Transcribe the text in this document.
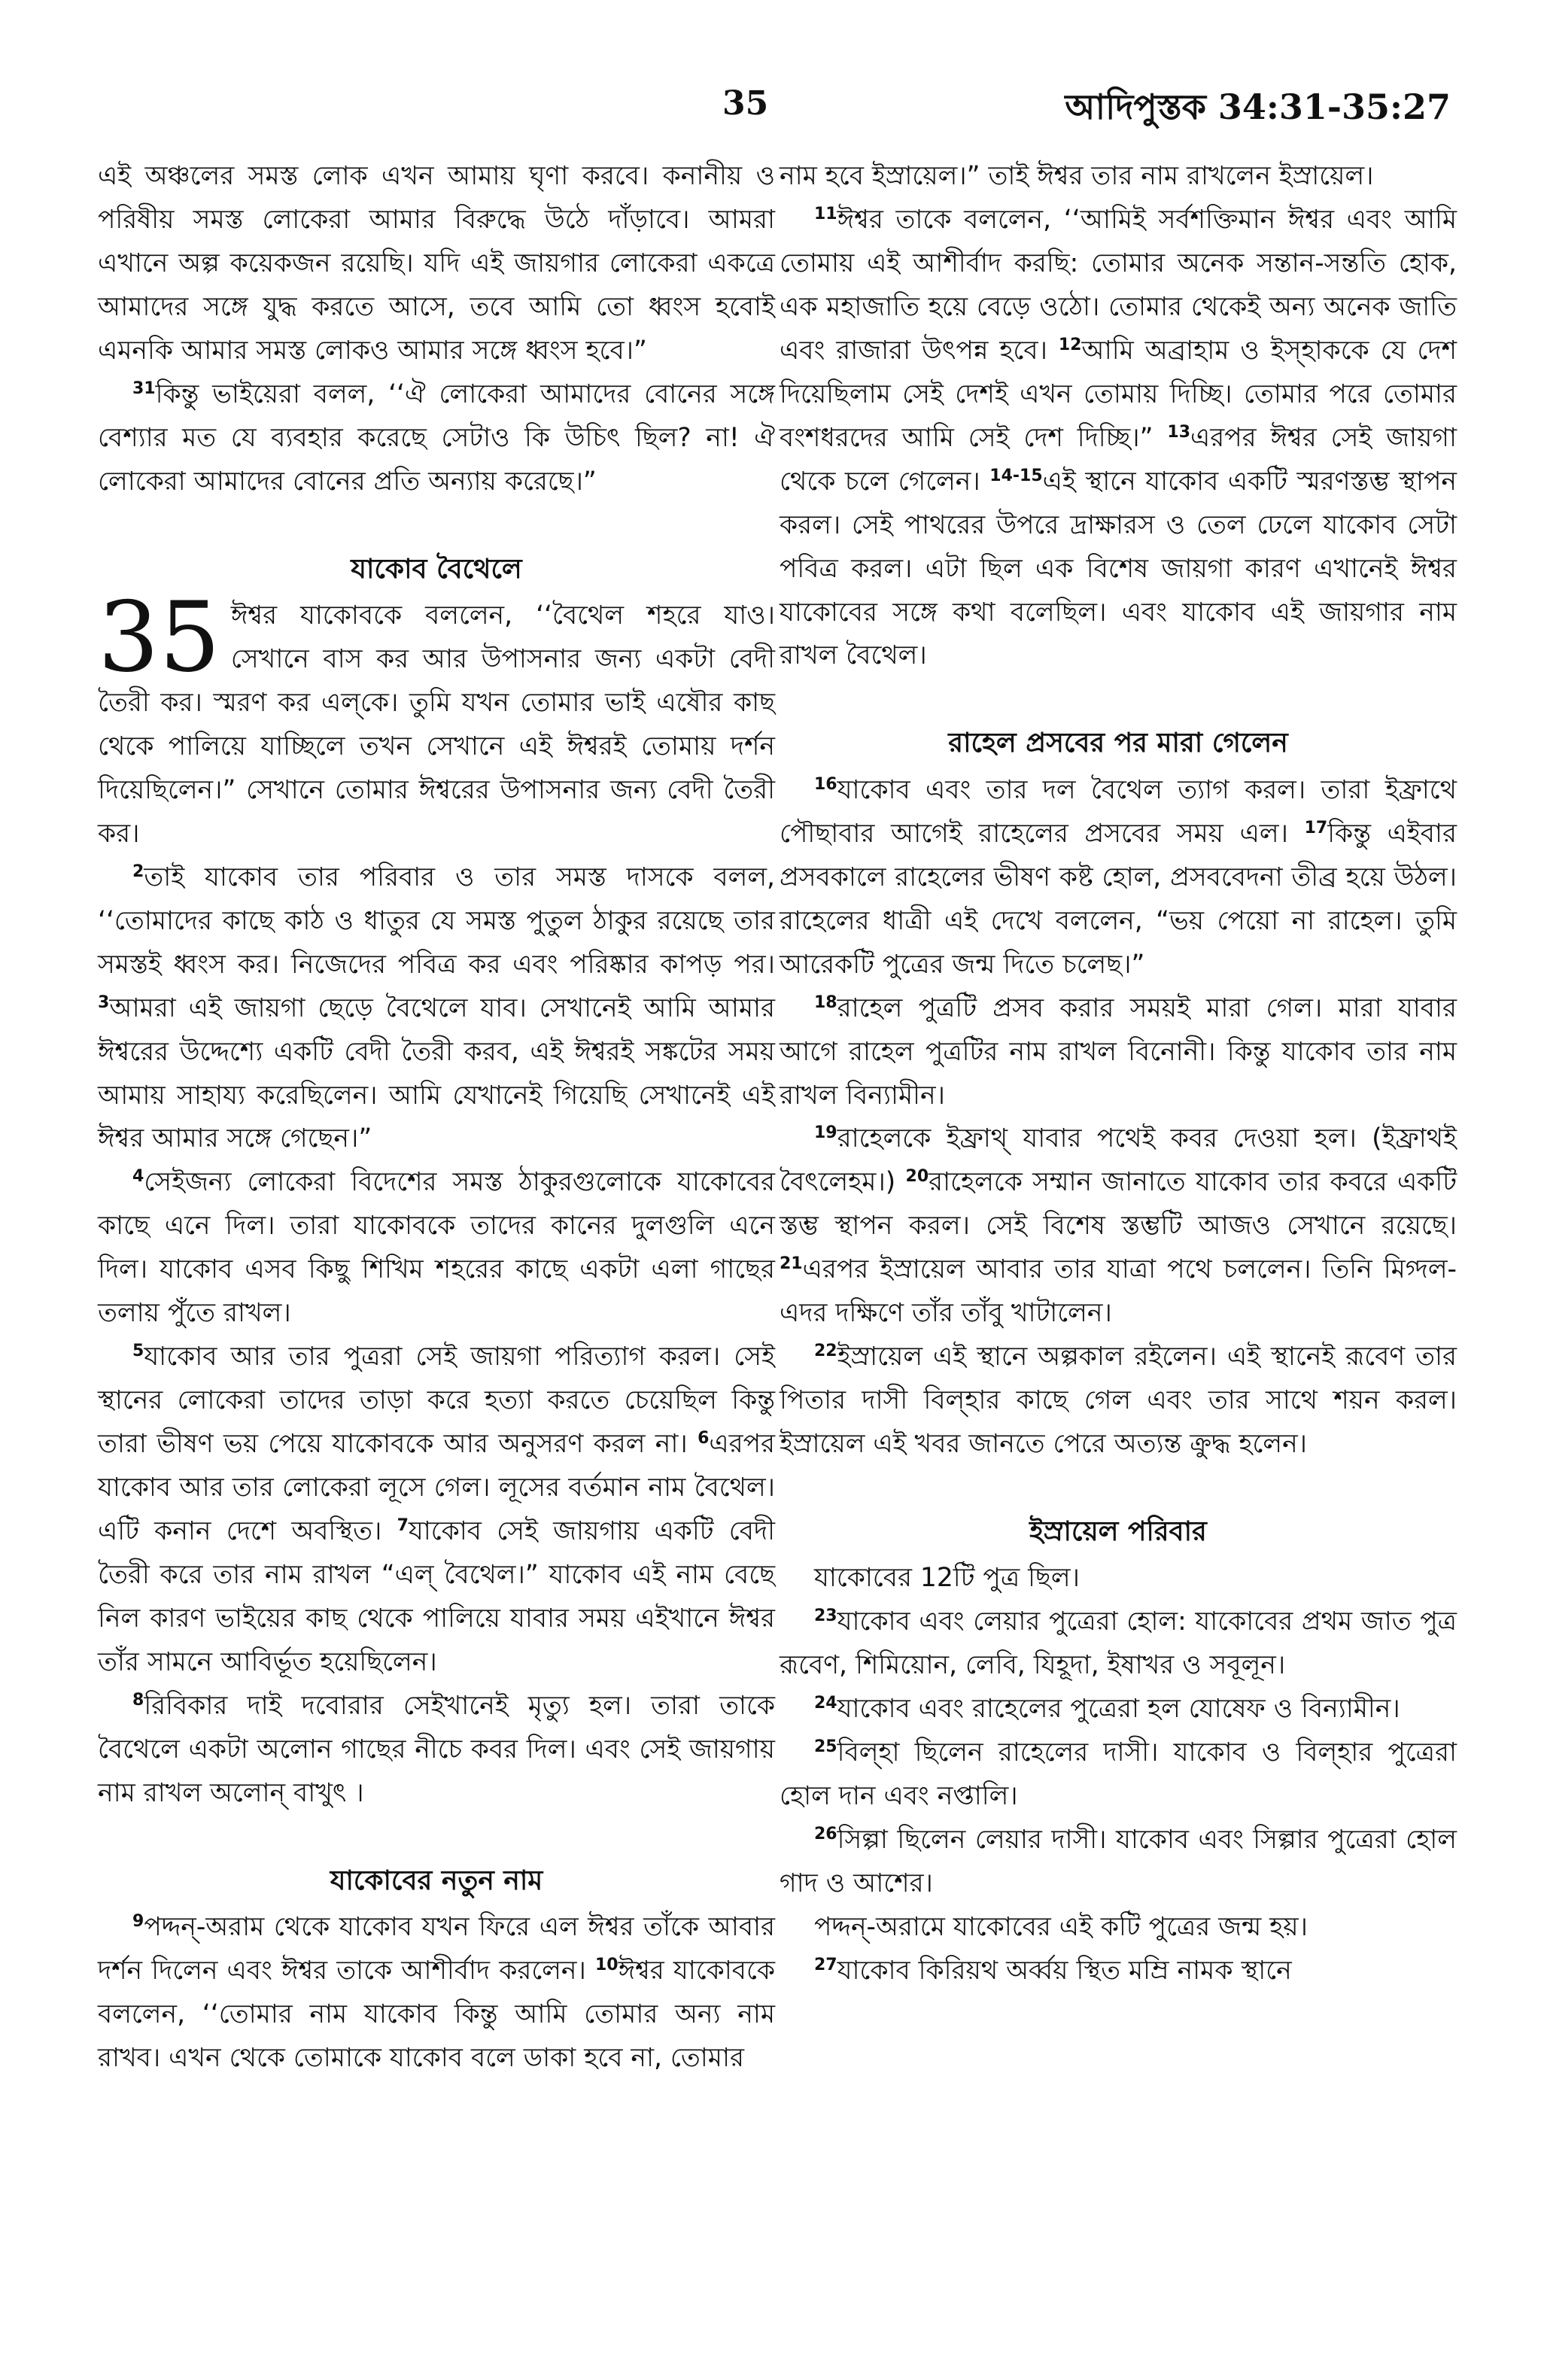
35	আদিপুস্তক 34:31-35:27

এই অঞ্চলের সমস্ত লোক এখন আমায় ঘৃণা করবে। কনানীয় ও পরিষীয় সমস্ত লোকেরা আমার বিরুদ্ধে উঠে দাঁড়াবে। আমরা এখানে অল্প কয়েকজন রয়েছি। যদি এই জায়গার লোকেরা একত্রে আমাদের সঙ্গে যুদ্ধ করতে আসে, তবে আমি তো ধ্বংস হবোই এমনকি আমার সমস্ত লোকও আমার সঙ্গে ধ্বংস হবে।”

$^{31}$কিন্তু ভাইয়েরা বলল, ‘‘ঐ লোকেরা আমাদের বোনের সঙ্গে বেশ্যার মত যে ব্যবহার করেছে সেটাও কি উচিৎ ছিল? না! ঐ লোকেরা আমাদের বোনের প্রতি অন্যায় করেছে।”

যাকোব বৈথেলে

35 ঈশ্বর যাকোবকে বললেন, ‘‘বৈথেল শহরে যাও। সেখানে বাস কর আর উপাসনার জন্য একটা বেদী তৈরী কর। স্মরণ কর এল্‌কে। তুমি যখন তোমার ভাই এষৌর কাছ থেকে পালিয়ে যাচ্ছিলে তখন সেখানে এই ঈশ্বরই তোমায় দর্শন দিয়েছিলেন।” সেখানে তোমার ঈশ্বরের উপাসনার জন্য বেদী তৈরী কর।

$^2$তাই যাকোব তার পরিবার ও তার সমস্ত দাসকে বলল, ‘‘তোমাদের কাছে কাঠ ও ধাতুর যে সমস্ত পুতুল ঠাকুর রয়েছে তার সমস্তই ধ্বংস কর। নিজেদের পবিত্র কর এবং পরিষ্কার কাপড় পর। $^3$আমরা এই জায়গা ছেড়ে বৈথেলে যাব। সেখানেই আমি আমার ঈশ্বরের উদ্দেশ্যে একটি বেদী তৈরী করব, এই ঈশ্বরই সঙ্কটের সময় আমায় সাহায্য করেছিলেন। আমি যেখানেই গিয়েছি সেখানেই এই ঈশ্বর আমার সঙ্গে গেছেন।”

$^4$সেইজন্য লোকেরা বিদেশের সমস্ত ঠাকুরগুলোকে যাকোবের কাছে এনে দিল। তারা যাকোবকে তাদের কানের দুলগুলি এনে দিল। যাকোব এসব কিছু শিখিম শহরের কাছে একটা এলা গাছের তলায় পুঁতে রাখল।

$^5$যাকোব আর তার পুত্ররা সেই জায়গা পরিত্যাগ করল। সেই স্থানের লোকেরা তাদের তাড়া করে হত্যা করতে চেয়েছিল কিন্তু তারা ভীষণ ভয় পেয়ে যাকোবকে আর অনুসরণ করল না। $^6$এরপর যাকোব আর তার লোকেরা লূসে গেল। লূসের বর্তমান নাম বৈথেল। এটি কনান দেশে অবস্থিত। $^7$যাকোব সেই জায়গায় একটি বেদী তৈরী করে তার নাম রাখল “এল্ বৈথেল।” যাকোব এই নাম বেছে নিল কারণ ভাইয়ের কাছ থেকে পালিয়ে যাবার সময় এইখানে ঈশ্বর তাঁর সামনে আবির্ভূত হয়েছিলেন।

$^8$রিবিকার দাই দবোরার সেইখানেই মৃত্যু হল। তারা তাকে বৈথেলে একটা অলোন গাছের নীচে কবর দিল। এবং সেই জায়গায় নাম রাখল অলোন্ বাখুৎ ।

যাকোবের নতুন নাম

$^9$পদ্দন্-অরাম থেকে যাকোব যখন ফিরে এল ঈশ্বর তাঁকে আবার দর্শন দিলেন এবং ঈশ্বর তাকে আশীর্বাদ করলেন। $^{10}$ঈশ্বর যাকোবকে বললেন, ‘‘তোমার নাম যাকোব কিন্তু আমি তোমার অন্য নাম রাখব। এখন থেকে তোমাকে যাকোব বলে ডাকা হবে না, তোমার

নাম হবে ইস্রায়েল।” তাই ঈশ্বর তার নাম রাখলেন ইস্রায়েল।

$^{11}$ঈশ্বর তাকে বললেন, ‘‘আমিই সর্বশক্তিমান ঈশ্বর এবং আমি তোমায় এই আশীর্বাদ করছি: তোমার অনেক সন্তান-সন্ততি হোক, এক মহাজাতি হয়ে বেড়ে ওঠো। তোমার থেকেই অন্য অনেক জাতি এবং রাজারা উৎপন্ন হবে। $^{12}$আমি অব্রাহাম ও ইস্‌হাককে যে দেশ দিয়েছিলাম সেই দেশই এখন তোমায় দিচ্ছি। তোমার পরে তোমার বংশধরদের আমি সেই দেশ দিচ্ছি।” $^{13}$এরপর ঈশ্বর সেই জায়গা থেকে চলে গেলেন। $^{14-15}$এই স্থানে যাকোব একটি স্মরণস্তম্ভ স্থাপন করল। সেই পাথরের উপরে দ্রাক্ষারস ও তেল ঢেলে যাকোব সেটা পবিত্র করল। এটা ছিল এক বিশেষ জায়গা কারণ এখানেই ঈশ্বর যাকোবের সঙ্গে কথা বলেছিল। এবং যাকোব এই জায়গার নাম রাখল বৈথেল।

রাহেল প্রসবের পর মারা গেলেন

$^{16}$যাকোব এবং তার দল বৈথেল ত্যাগ করল। তারা ইফ্রাথে পৌছাবার আগেই রাহেলের প্রসবের সময় এল। $^{17}$কিন্তু এইবার প্রসবকালে রাহেলের ভীষণ কষ্ট হোল, প্রসববেদনা তীব্র হয়ে উঠল। রাহেলের ধাত্রী এই দেখে বললেন, “ভয় পেয়ো না রাহেল। তুমি আরেকটি পুত্রের জন্ম দিতে চলেছ।”

$^{18}$রাহেল পুত্রটি প্রসব করার সময়ই মারা গেল। মারা যাবার আগে রাহেল পুত্রটির নাম রাখল বিনোনী। কিন্তু যাকোব তার নাম রাখল বিন্যামীন।

$^{19}$রাহেলকে ইফ্রাথ্ যাবার পথেই কবর দেওয়া হল। (ইফ্রাথই বৈৎলেহম।) $^{20}$রাহেলকে সম্মান জানাতে যাকোব তার কবরে একটি স্তম্ভ স্থাপন করল। সেই বিশেষ স্তম্ভটি আজও সেখানে রয়েছে। $^{21}$এরপর ইস্রায়েল আবার তার যাত্রা পথে চললেন। তিনি মিগ্দল-এদর দক্ষিণে তাঁর তাঁবু খাটালেন।

$^{22}$ইস্রায়েল এই স্থানে অল্পকাল রইলেন। এই স্থানেই রূবেণ তার পিতার দাসী বিল্‌হার কাছে গেল এবং তার সাথে শয়ন করল। ইস্রায়েল এই খবর জানতে পেরে অত্যন্ত ক্রুদ্ধ হলেন।

ইস্রায়েল পরিবার

যাকোবের 12টি পুত্র ছিল।

$^{23}$যাকোব এবং লেয়ার পুত্রেরা হোল: যাকোবের প্রথম জাত পুত্র রূবেণ, শিমিয়োন, লেবি, যিহূদা, ইষাখর ও সবূলূন।

$^{24}$যাকোব এবং রাহেলের পুত্রেরা হল যোষেফ ও বিন্যামীন।

$^{25}$বিল্‌হা ছিলেন রাহেলের দাসী। যাকোব ও বিল্‌হার পুত্রেরা হোল দান এবং নপ্তালি।

$^{26}$সিল্পা ছিলেন লেয়ার দাসী। যাকোব এবং সিল্পার পুত্রেরা হোল গাদ ও আশের।

পদ্দন্-অরামে যাকোবের এই কটি পুত্রের জন্ম হয়।

$^{27}$যাকোব কিরিয়থ অর্ব্বয় স্থিত মম্রি নামক স্থানে
